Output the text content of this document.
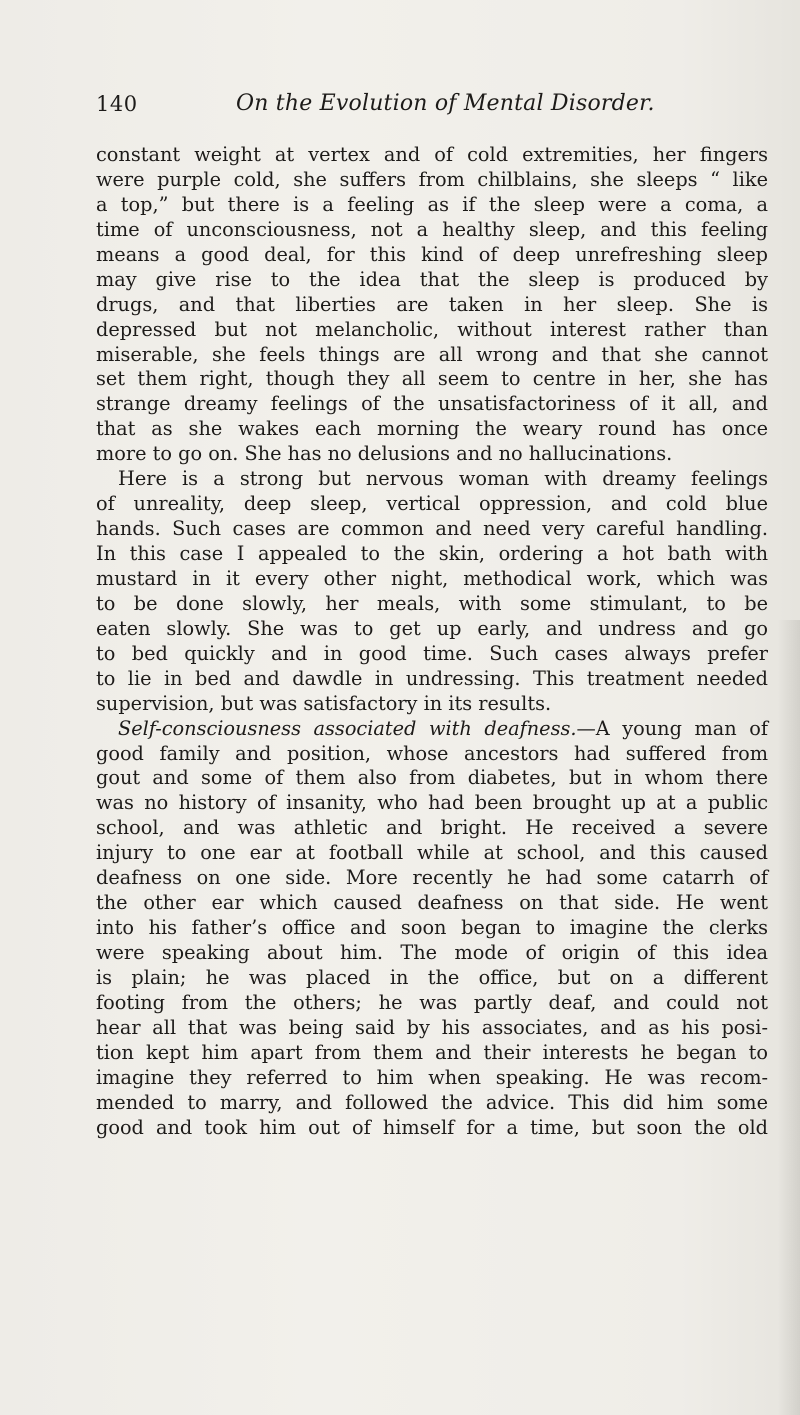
140	On the Evolution of Mental Disorder.
constant weight at vertex and of cold extremities, her fingers
were purple cold, she suffers from chilblains, she sleeps “ like
a top,” but there is a feeling as if the sleep were a coma, a
time of unconsciousness, not a healthy sleep, and this feeling
means a good deal, for this kind of deep unrefreshing sleep
may give rise to the idea that the sleep is produced by
drugs, and that liberties are taken in her sleep. She is
depressed but not melancholic, without interest rather than
miserable, she feels things are all wrong and that she cannot
set them right, though they all seem to centre in her, she has
strange dreamy feelings of the unsatisfactoriness of it all, and
that as she wakes each morning the weary round has once
more to go on. She has no delusions and no hallucinations.
Here is a strong but nervous woman with dreamy feelings
of unreality, deep sleep, vertical oppression, and cold blue
hands. Such cases are common and need very careful handling.
In this case I appealed to the skin, ordering a hot bath with
mustard in it every other night, methodical work, which was
to be done slowly, her meals, with some stimulant, to be
eaten slowly. She was to get up early, and undress and go
to bed quickly and in good time. Such cases always prefer
to lie in bed and dawdle in undressing. This treatment needed
supervision, but was satisfactory in its results.
Self-consciousness associated with deafness.—A young man of
good family and position, whose ancestors had suffered from
gout and some of them also from diabetes, but in whom there
was no history of insanity, who had been brought up at a public
school, and was athletic and bright. He received a severe
injury to one ear at football while at school, and this caused
deafness on one side. More recently he had some catarrh of
the other ear which caused deafness on that side. He went
into his father’s office and soon began to imagine the clerks
were speaking about him. The mode of origin of this idea
is plain; he was placed in the office, but on a different
footing from the others; he was partly deaf, and could not
hear all that was being said by his associates, and as his posi-
tion kept him apart from them and their interests he began to
imagine they referred to him when speaking. He was recom-
mended to marry, and followed the advice. This did him some
good and took him out of himself for a time, but soon the old
